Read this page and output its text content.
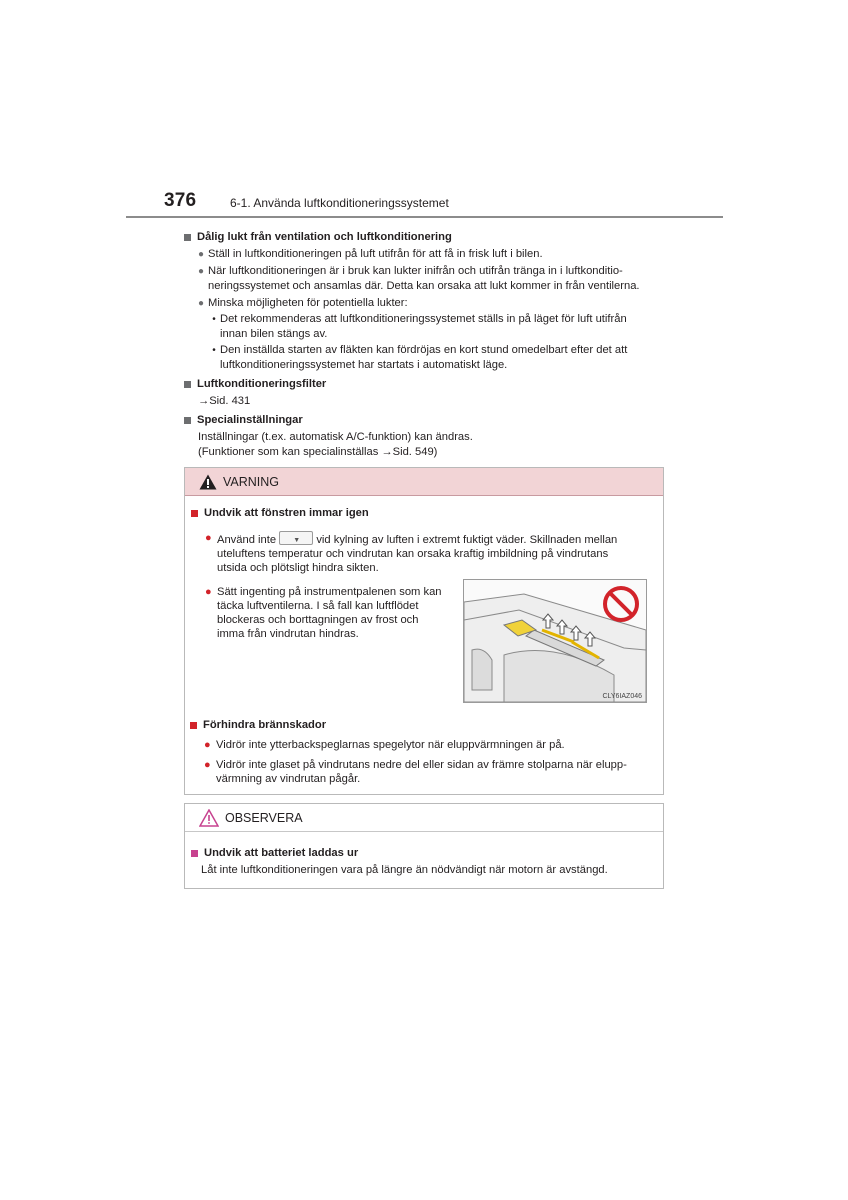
376	6-1. Använda luftkonditioneringssystemet

Dålig lukt från ventilation och luftkonditionering

● Ställ in luftkonditioneringen på luft utifrån för att få in frisk luft i bilen.

● När luftkonditioneringen är i bruk kan lukter inifrån och utifrån tränga in i luftkonditio-
neringssystemet och ansamlas där. Detta kan orsaka att lukt kommer in från ventilerna.

● Minska möjligheten för potentiella lukter:

• Det rekommenderas att luftkonditioneringssystemet ställs in på läget för luft utifrån
innan bilen stängs av.

• Den inställda starten av fläkten kan fördröjas en kort stund omedelbart efter det att
luftkonditioneringssystemet har startats i automatiskt läge.

Luftkonditioneringsfilter

→Sid. 431

Specialinställningar

Inställningar (t.ex. automatisk A/C-funktion) kan ändras.
(Funktioner som kan specialinställas →Sid. 549)

VARNING

Undvik att fönstren immar igen

● Använd inte ▼ vid kylning av luften i extremt fuktigt väder. Skillnaden mellan
uteluftens temperatur och vindrutan kan orsaka kraftig imbildning på vindrutans
utsida och plötsligt hindra sikten.
● Sätt ingenting på instrumentpalenen som kan
täcka luftventilerna. I så fall kan luftflödet
blockeras och borttagningen av frost och
imma från vindrutan hindras.
CLY6IAZ046

Förhindra brännskador

● Vidrör inte ytterbackspeglarnas spegelytor när eluppvärmningen är på.
● Vidrör inte glaset på vindrutans nedre del eller sidan av främre stolparna när elupp-
värmning av vindrutan pågår.
OBSERVERA

Undvik att batteriet laddas ur

Låt inte luftkonditioneringen vara på längre än nödvändigt när motorn är avstängd.
